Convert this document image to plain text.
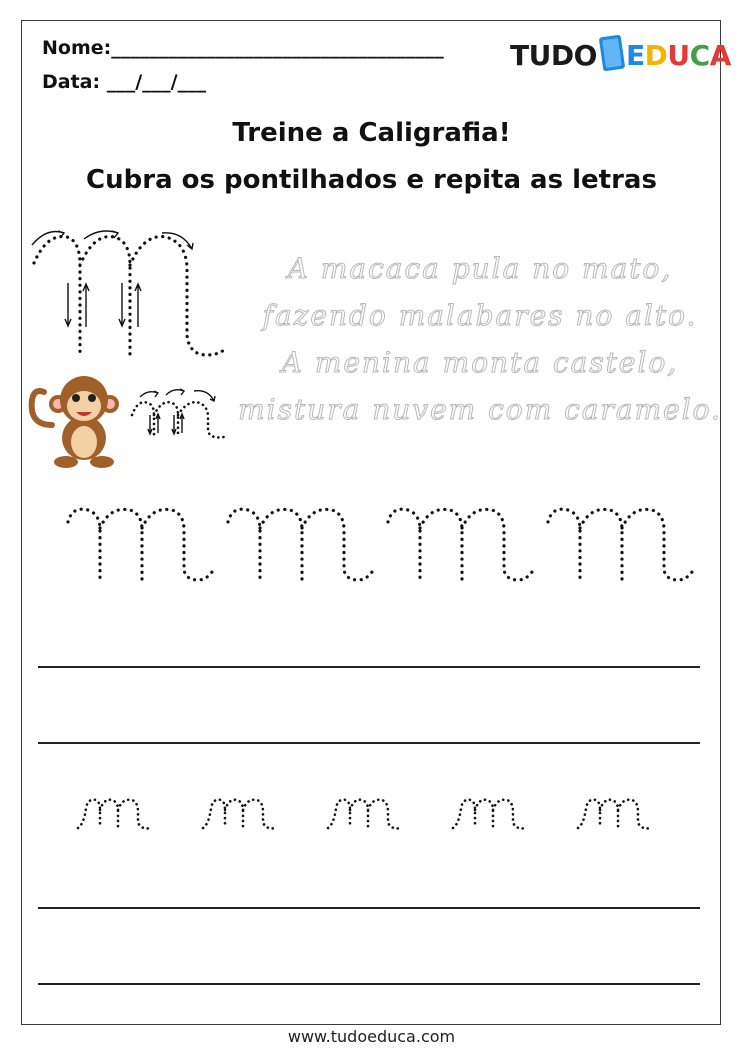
Nome:___________________________________
Data: ___/___/___
TUDO EDUCA
Treine a Caligrafia!
Cubra os pontilhados e repita as letras
A macaca pula no mato,
fazendo malabares no alto.
A menina monta castelo,
mistura nuvem com caramelo.
www.tudoeduca.com
